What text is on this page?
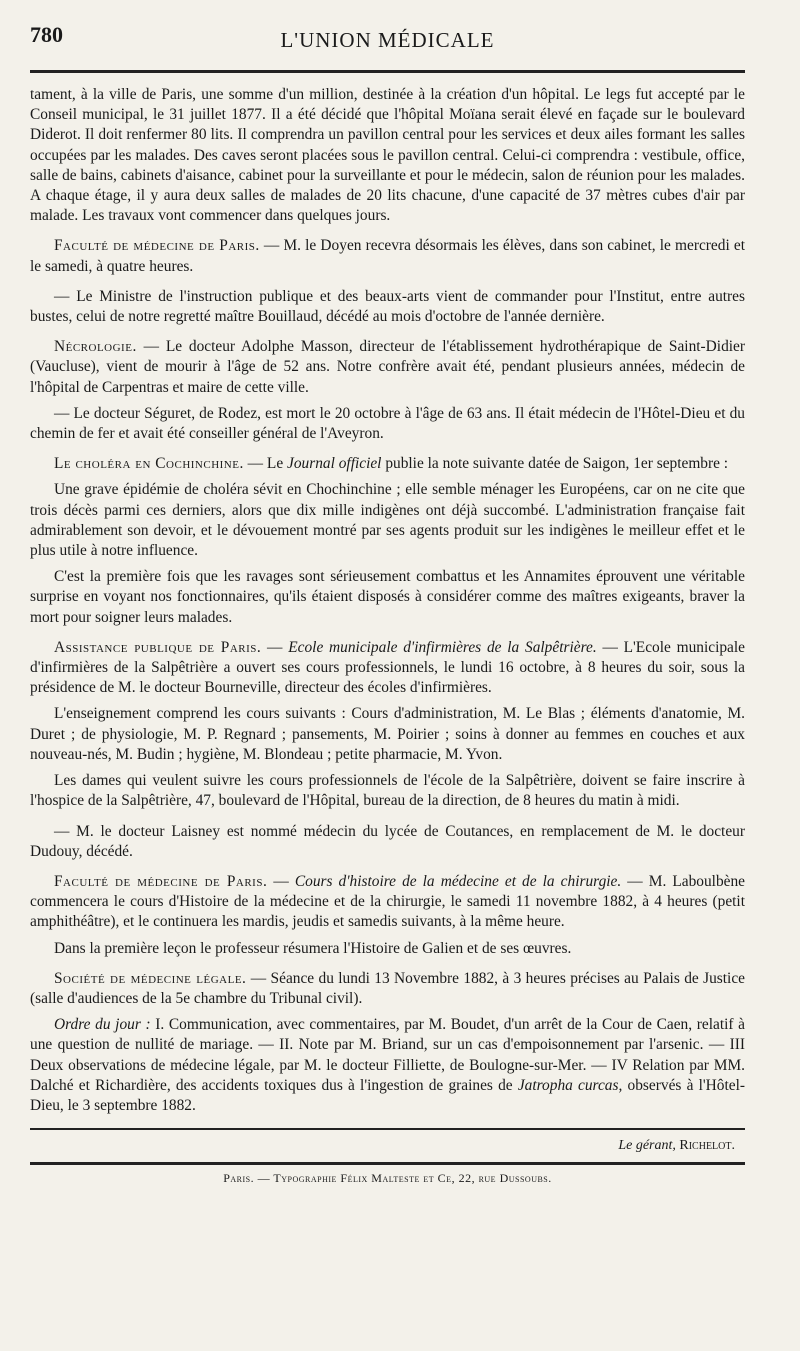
780	L'UNION MÉDICALE

tament, à la ville de Paris, une somme d'un million, destinée à la création d'un hôpital. Le legs fut accepté par le Conseil municipal, le 31 juillet 1877. Il a été décidé que l'hôpital Moïana serait élevé en façade sur le boulevard Diderot. Il doit renfermer 80 lits. Il comprendra un pavillon central pour les services et deux ailes formant les salles occupées par les malades. Des caves seront placées sous le pavillon central. Celui-ci comprendra : vestibule, office, salle de bains, cabinets d'aisance, cabinet pour la surveillante et pour le médecin, salon de réunion pour les malades. A chaque étage, il y aura deux salles de malades de 20 lits chacune, d'une capacité de 37 mètres cubes d'air par malade. Les travaux vont commencer dans quelques jours.

Faculté de médecine de Paris. — M. le Doyen recevra désormais les élèves, dans son cabinet, le mercredi et le samedi, à quatre heures.

— Le Ministre de l'instruction publique et des beaux-arts vient de commander pour l'Institut, entre autres bustes, celui de notre regretté maître Bouillaud, décédé au mois d'octobre de l'année dernière.

Nécrologie. — Le docteur Adolphe Masson, directeur de l'établissement hydrothérapique de Saint-Didier (Vaucluse), vient de mourir à l'âge de 52 ans. Notre confrère avait été, pendant plusieurs années, médecin de l'hôpital de Carpentras et maire de cette ville.

— Le docteur Séguret, de Rodez, est mort le 20 octobre à l'âge de 63 ans. Il était médecin de l'Hôtel-Dieu et du chemin de fer et avait été conseiller général de l'Aveyron.

Le choléra en Cochinchine. — Le Journal officiel publie la note suivante datée de Saigon, 1er septembre :

Une grave épidémie de choléra sévit en Chochinchine ; elle semble ménager les Européens, car on ne cite que trois décès parmi ces derniers, alors que dix mille indigènes ont déjà succombé. L'administration française fait admirablement son devoir, et le dévouement montré par ses agents produit sur les indigènes le meilleur effet et le plus utile à notre influence.

C'est la première fois que les ravages sont sérieusement combattus et les Annamites éprouvent une véritable surprise en voyant nos fonctionnaires, qu'ils étaient disposés à considérer comme des maîtres exigeants, braver la mort pour soigner leurs malades.

Assistance publique de Paris. — Ecole municipale d'infirmières de la Salpêtrière. — L'Ecole municipale d'infirmières de la Salpêtrière a ouvert ses cours professionnels, le lundi 16 octobre, à 8 heures du soir, sous la présidence de M. le docteur Bourneville, directeur des écoles d'infirmières.

L'enseignement comprend les cours suivants : Cours d'administration, M. Le Blas ; éléments d'anatomie, M. Duret ; de physiologie, M. P. Regnard ; pansements, M. Poirier ; soins à donner au femmes en couches et aux nouveau-nés, M. Budin ; hygiène, M. Blondeau ; petite pharmacie, M. Yvon.

Les dames qui veulent suivre les cours professionnels de l'école de la Salpêtrière, doivent se faire inscrire à l'hospice de la Salpêtrière, 47, boulevard de l'Hôpital, bureau de la direction, de 8 heures du matin à midi.

— M. le docteur Laisney est nommé médecin du lycée de Coutances, en remplacement de M. le docteur Dudouy, décédé.

Faculté de médecine de Paris. — Cours d'histoire de la médecine et de la chirurgie. — M. Laboulbène commencera le cours d'Histoire de la médecine et de la chirurgie, le samedi 11 novembre 1882, à 4 heures (petit amphithéâtre), et le continuera les mardis, jeudis et samedis suivants, à la même heure.

Dans la première leçon le professeur résumera l'Histoire de Galien et de ses œuvres.

Société de médecine légale. — Séance du lundi 13 Novembre 1882, à 3 heures précises au Palais de Justice (salle d'audiences de la 5e chambre du Tribunal civil).

Ordre du jour : I. Communication, avec commentaires, par M. Boudet, d'un arrêt de la Cour de Caen, relatif à une question de nullité de mariage. — II. Note par M. Briand, sur un cas d'empoisonnement par l'arsenic. — III Deux observations de médecine légale, par M. le docteur Filliette, de Boulogne-sur-Mer. — IV Relation par MM. Dalché et Richardière, des accidents toxiques dus à l'ingestion de graines de Jatropha curcas, observés à l'Hôtel-Dieu, le 3 septembre 1882.

Le gérant, Richelot.
Paris. — Typographie Félix Malteste et Ce, 22, rue Dussoubs.
